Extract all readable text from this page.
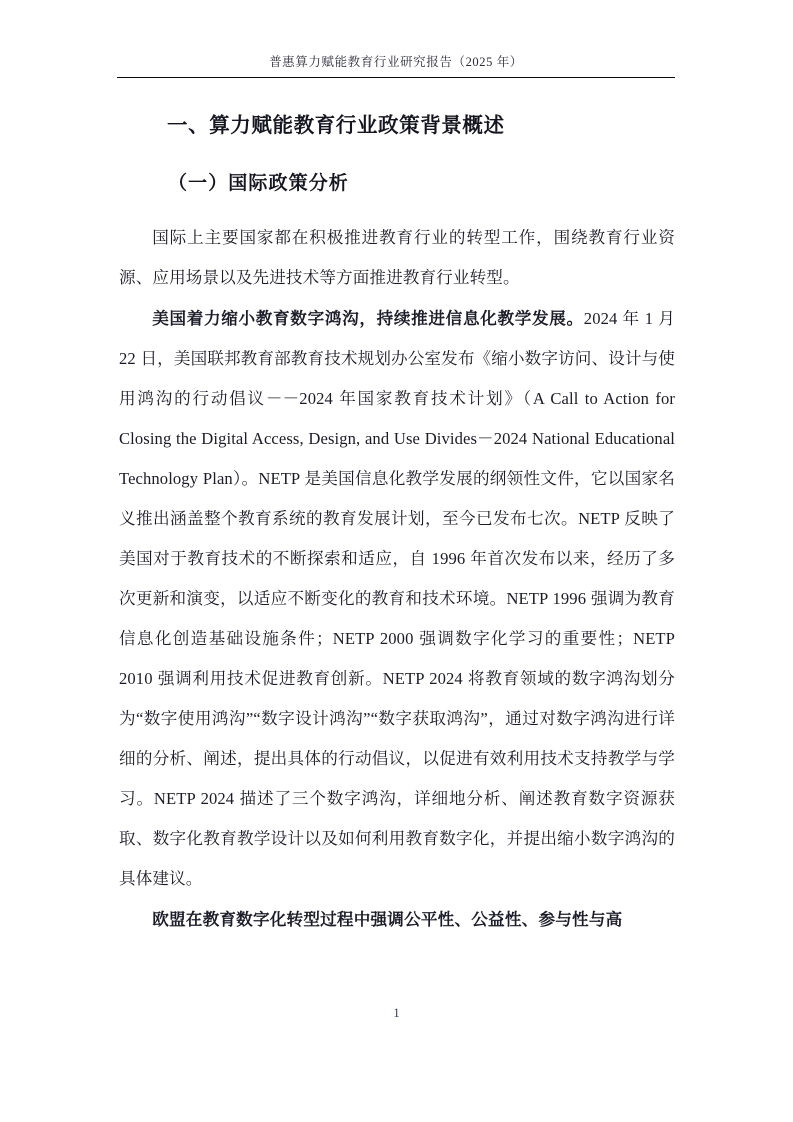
普惠算力赋能教育行业研究报告（2025 年）
一、算力赋能教育行业政策背景概述
（一）国际政策分析

国际上主要国家都在积极推进教育行业的转型工作，围绕教育行业资源、应用场景以及先进技术等方面推进教育行业转型。

美国着力缩小教育数字鸿沟，持续推进信息化教学发展。2024 年 1 月 22 日，美国联邦教育部教育技术规划办公室发布《缩小数字访问、设计与使用鸿沟的行动倡议－－2024 年国家教育技术计划》（A Call to Action for Closing the Digital Access, Design, and Use Divides－2024 National Educational Technology Plan）。NETP 是美国信息化教学发展的纲领性文件，它以国家名义推出涵盖整个教育系统的教育发展计划，至今已发布七次。NETP 反映了美国对于教育技术的不断探索和适应，自 1996 年首次发布以来，经历了多次更新和演变，以适应不断变化的教育和技术环境。NETP 1996 强调为教育信息化创造基础设施条件；NETP 2000 强调数字化学习的重要性；NETP 2010 强调利用技术促进教育创新。NETP 2024 将教育领域的数字鸿沟划分为“数字使用鸿沟”“数字设计鸿沟”“数字获取鸿沟”，通过对数字鸿沟进行详细的分析、阐述，提出具体的行动倡议，以促进有效利用技术支持教学与学习。NETP 2024 描述了三个数字鸿沟，详细地分析、阐述教育数字资源获取、数字化教育教学设计以及如何利用教育数字化，并提出缩小数字鸿沟的具体建议。

欧盟在教育数字化转型过程中强调公平性、公益性、参与性与高

1
